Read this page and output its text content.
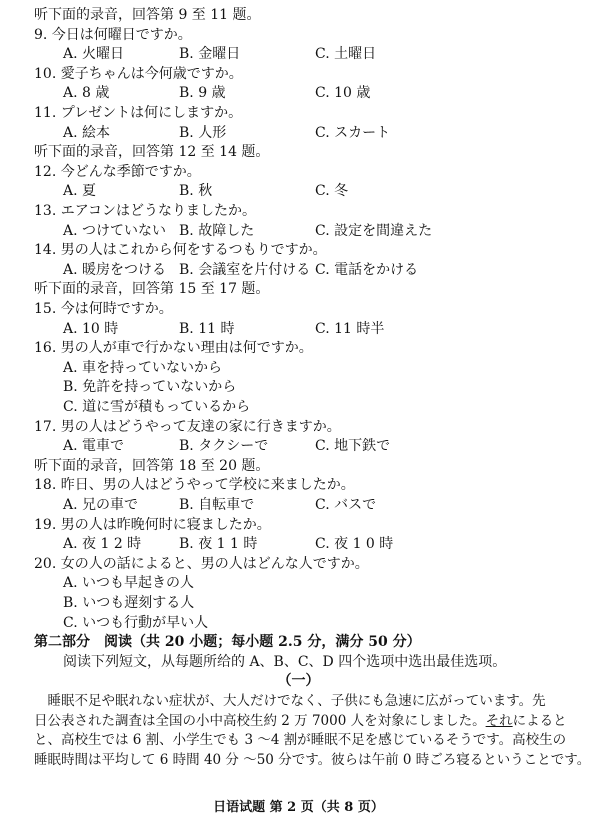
听下面的录音，回答第 9 至 11 题。
9. 今日は何曜日ですか。
A. 火曜日	B. 金曜日	C. 土曜日
10. 愛子ちゃんは今何歳ですか。
A. 8 歳	B. 9 歳	C. 10 歳
11. プレゼントは何にしますか。
A. 絵本	B. 人形	C. スカート
听下面的录音，回答第 12 至 14 题。
12. 今どんな季節ですか。
A. 夏	B. 秋	C. 冬
13. エアコンはどうなりましたか。
A. つけていない B. 故障した	C. 設定を間違えた
14. 男の人はこれから何をするつもりですか。
A. 暖房をつける B. 会議室を片付ける C. 電話をかける
听下面的录音，回答第 15 至 17 题。
15. 今は何時ですか。
A. 10 時	B. 11 時	C. 11 時半
16. 男の人が車で行かない理由は何ですか。
A. 車を持っていないから
B. 免許を持っていないから
C. 道に雪が積もっているから
17. 男の人はどうやって友達の家に行きますか。
A. 電車で	B. タクシーで	C. 地下鉄で
听下面的录音，回答第 18 至 20 题。
18. 昨日、男の人はどうやって学校に来ましたか。
A. 兄の車で	B. 自転車で	C. バスで
19. 男の人は昨晚何时に寝ましたか。
A. 夜 1 2 時	B. 夜 1 1 時	C. 夜 1 0 時
20. 女の人の話によると、男の人はどんな人ですか。
A. いつも早起きの人
B. いつも遅刻する人
C. いつも行動が早い人
第二部分　阅读（共 20 小题；每小题 2.5 分，满分 50 分）
阅读下列短文，从每题所给的 A、B、C、D 四个选项中选出最佳选项。
（一）
　睡眠不足や眠れない症状が、大人だけでなく、子供にも急速に広がっています。先
日公表された調査は全国の小中高校生約 2 万 7000 人を対象にしました。それによると
と、高校生では 6 割、小学生でも 3 ～4 割が睡眠不足を感じているそうです。高校生の
睡眠時間は平均して 6 時間 40 分 ～50 分です。彼らは午前 0 時ごろ寝るということです。
日语试题 第 2 页（共 8 页）
